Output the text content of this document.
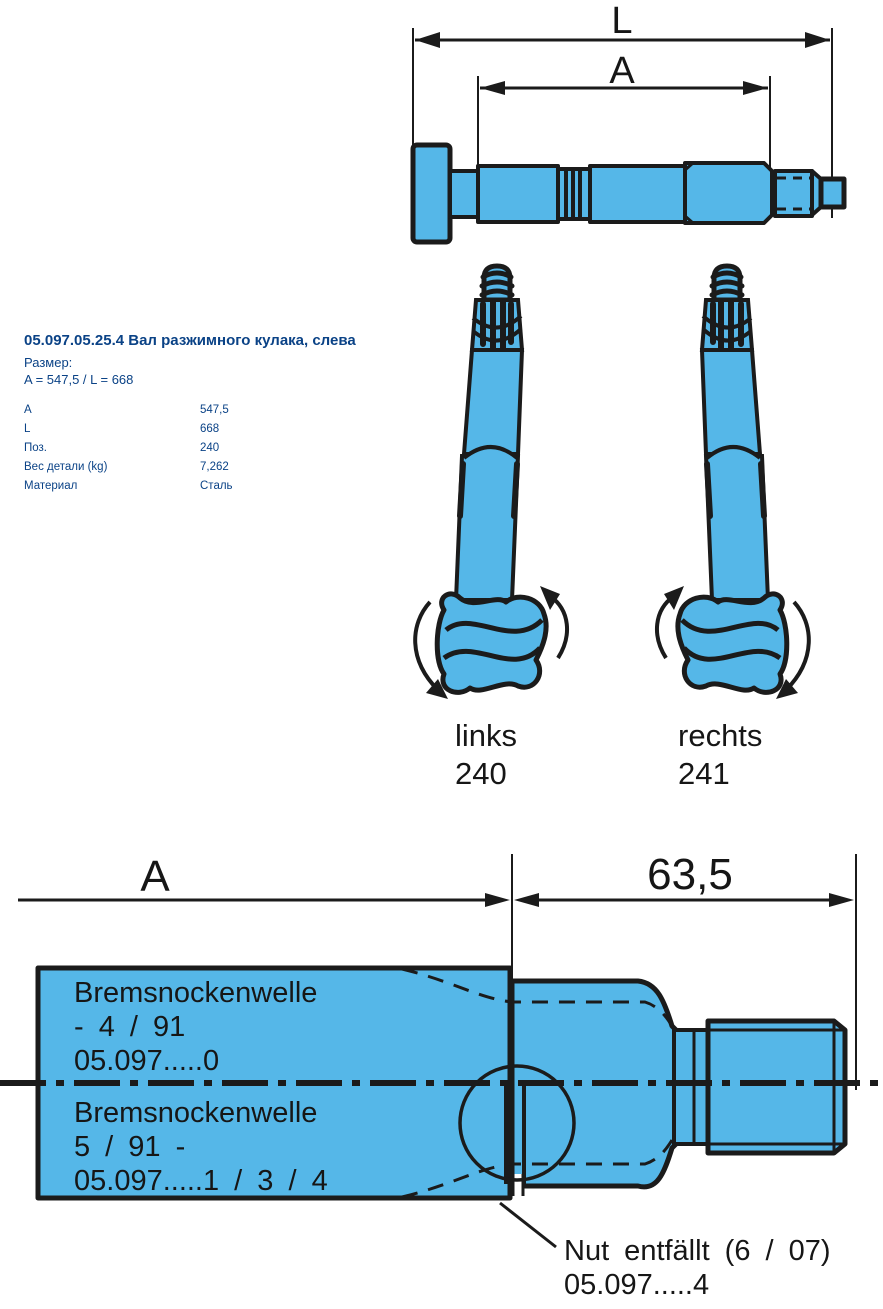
05.097.05.25.4 Вал разжимного кулака, слева
Размер:
A = 547,5 / L = 668
A	547,5
L	668
Поз.	240
Вес детали (kg)	7,262
Материал	Сталь
L
A
links
240
rechts
241
A	63,5
Bremsnockenwelle
- 4 / 91
05.097.....0
Bremsnockenwelle
5 / 91 -
05.097.....1 / 3 / 4
Nut entfällt (6 / 07)
05.097.....4
